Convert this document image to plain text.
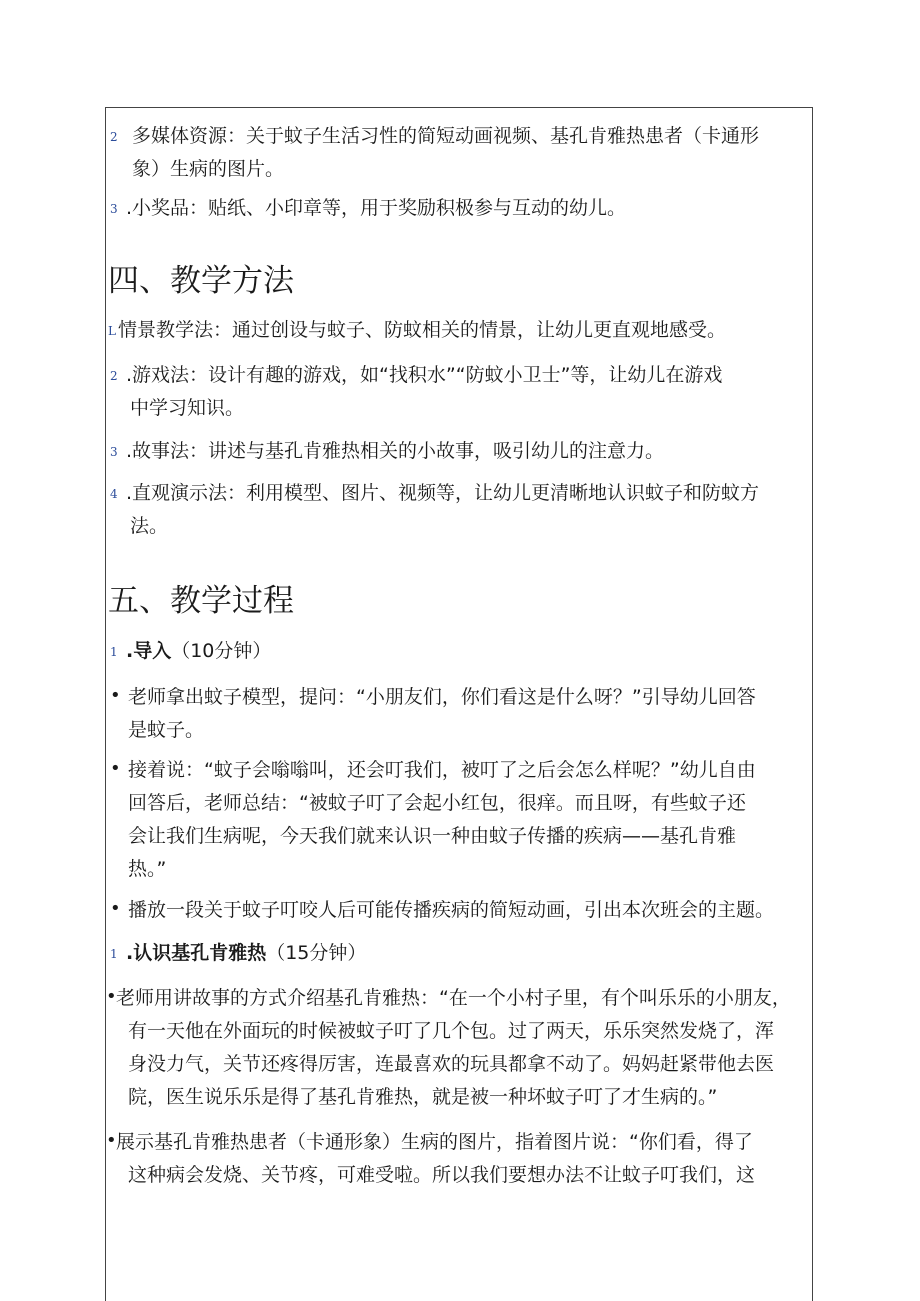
2 多媒体资源：关于蚊子生活习性的简短动画视频、基孔肯雅热患者（卡通形
象）生病的图片。
3 .小奖品：贴纸、小印章等，用于奖励积极参与互动的幼儿。
四、教学方法
L 情景教学法：通过创设与蚊子、防蚊相关的情景，让幼儿更直观地感受。
2 .游戏法：设计有趣的游戏，如“找积水”“防蚊小卫士”等，让幼儿在游戏
中学习知识。
3 .故事法：讲述与基孔肯雅热相关的小故事，吸引幼儿的注意力。
4 .直观演示法：利用模型、图片、视频等，让幼儿更清晰地认识蚊子和防蚊方
法。
五、教学过程
1 .导入（10分钟）
• 老师拿出蚊子模型，提问：“小朋友们，你们看这是什么呀？”引导幼儿回答
是蚊子。
• 接着说：“蚊子会嗡嗡叫，还会叮我们，被叮了之后会怎么样呢？”幼儿自由
回答后，老师总结：“被蚊子叮了会起小红包，很痒。而且呀，有些蚊子还
会让我们生病呢，今天我们就来认识一种由蚊子传播的疾病——基孔肯雅
热。”
• 播放一段关于蚊子叮咬人后可能传播疾病的简短动画，引出本次班会的主题。
1 .认识基孔肯雅热（15分钟）
• 老师用讲故事的方式介绍基孔肯雅热：“在一个小村子里，有个叫乐乐的小朋友，
有一天他在外面玩的时候被蚊子叮了几个包。过了两天，乐乐突然发烧了，浑
身没力气，关节还疼得厉害，连最喜欢的玩具都拿不动了。妈妈赶紧带他去医
院，医生说乐乐是得了基孔肯雅热，就是被一种坏蚊子叮了才生病的。”
• 展示基孔肯雅热患者（卡通形象）生病的图片，指着图片说：“你们看，得了
这种病会发烧、关节疼，可难受啦。所以我们要想办法不让蚊子叮我们，这
